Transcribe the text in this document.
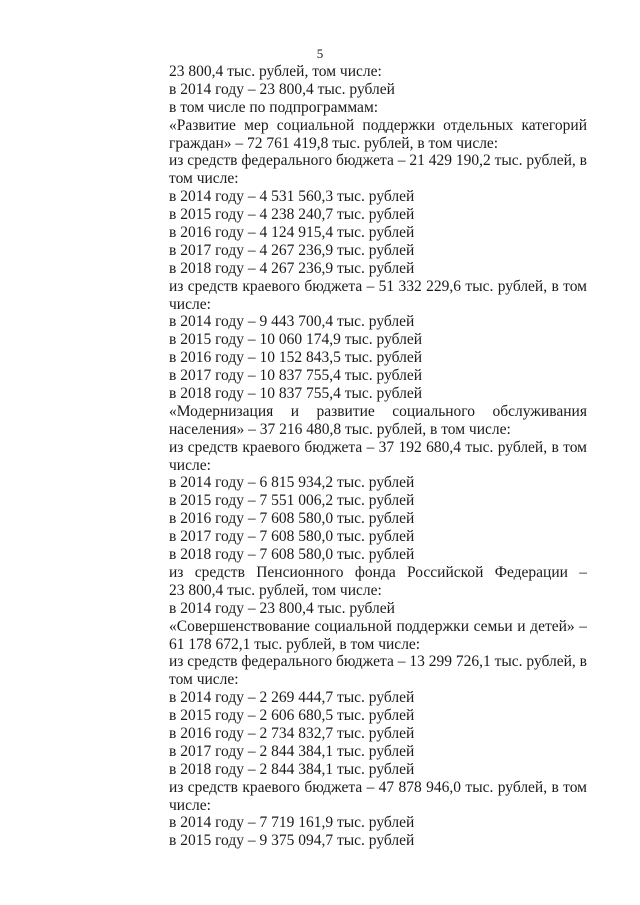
5
23 800,4 тыс. рублей, том числе:
в 2014 году – 23 800,4 тыс. рублей
в том числе по подпрограммам:
«Развитие мер социальной поддержки отдельных категорий
граждан» – 72 761 419,8 тыс. рублей, в том числе:
из средств федерального бюджета – 21 429 190,2 тыс. рублей, в
том числе:
в 2014 году – 4 531 560,3 тыс. рублей
в 2015 году – 4 238 240,7 тыс. рублей
в 2016 году – 4 124 915,4 тыс. рублей
в 2017 году – 4 267 236,9 тыс. рублей
в 2018 году – 4 267 236,9 тыс. рублей
из средств краевого бюджета – 51 332 229,6 тыс. рублей, в том
числе:
в 2014 году – 9 443 700,4 тыс. рублей
в 2015 году – 10 060 174,9 тыс. рублей
в 2016 году – 10 152 843,5 тыс. рублей
в 2017 году – 10 837 755,4 тыс. рублей
в 2018 году – 10 837 755,4 тыс. рублей
«Модернизация и развитие социального обслуживания
населения» – 37 216 480,8 тыс. рублей, в том числе:
из средств краевого бюджета – 37 192 680,4 тыс. рублей, в том
числе:
в 2014 году – 6 815 934,2 тыс. рублей
в 2015 году – 7 551 006,2 тыс. рублей
в 2016 году – 7 608 580,0 тыс. рублей
в 2017 году – 7 608 580,0 тыс. рублей
в 2018 году – 7 608 580,0 тыс. рублей
из средств Пенсионного фонда Российской Федерации –
23 800,4 тыс. рублей, том числе:
в 2014 году – 23 800,4 тыс. рублей
«Совершенствование социальной поддержки семьи и детей» –
61 178 672,1 тыс. рублей, в том числе:
из средств федерального бюджета – 13 299 726,1 тыс. рублей, в
том числе:
в 2014 году – 2 269 444,7 тыс. рублей
в 2015 году – 2 606 680,5 тыс. рублей
в 2016 году – 2 734 832,7 тыс. рублей
в 2017 году – 2 844 384,1 тыс. рублей
в 2018 году – 2 844 384,1 тыс. рублей
из средств краевого бюджета – 47 878 946,0 тыс. рублей, в том
числе:
в 2014 году – 7 719 161,9 тыс. рублей
в 2015 году – 9 375 094,7 тыс. рублей
